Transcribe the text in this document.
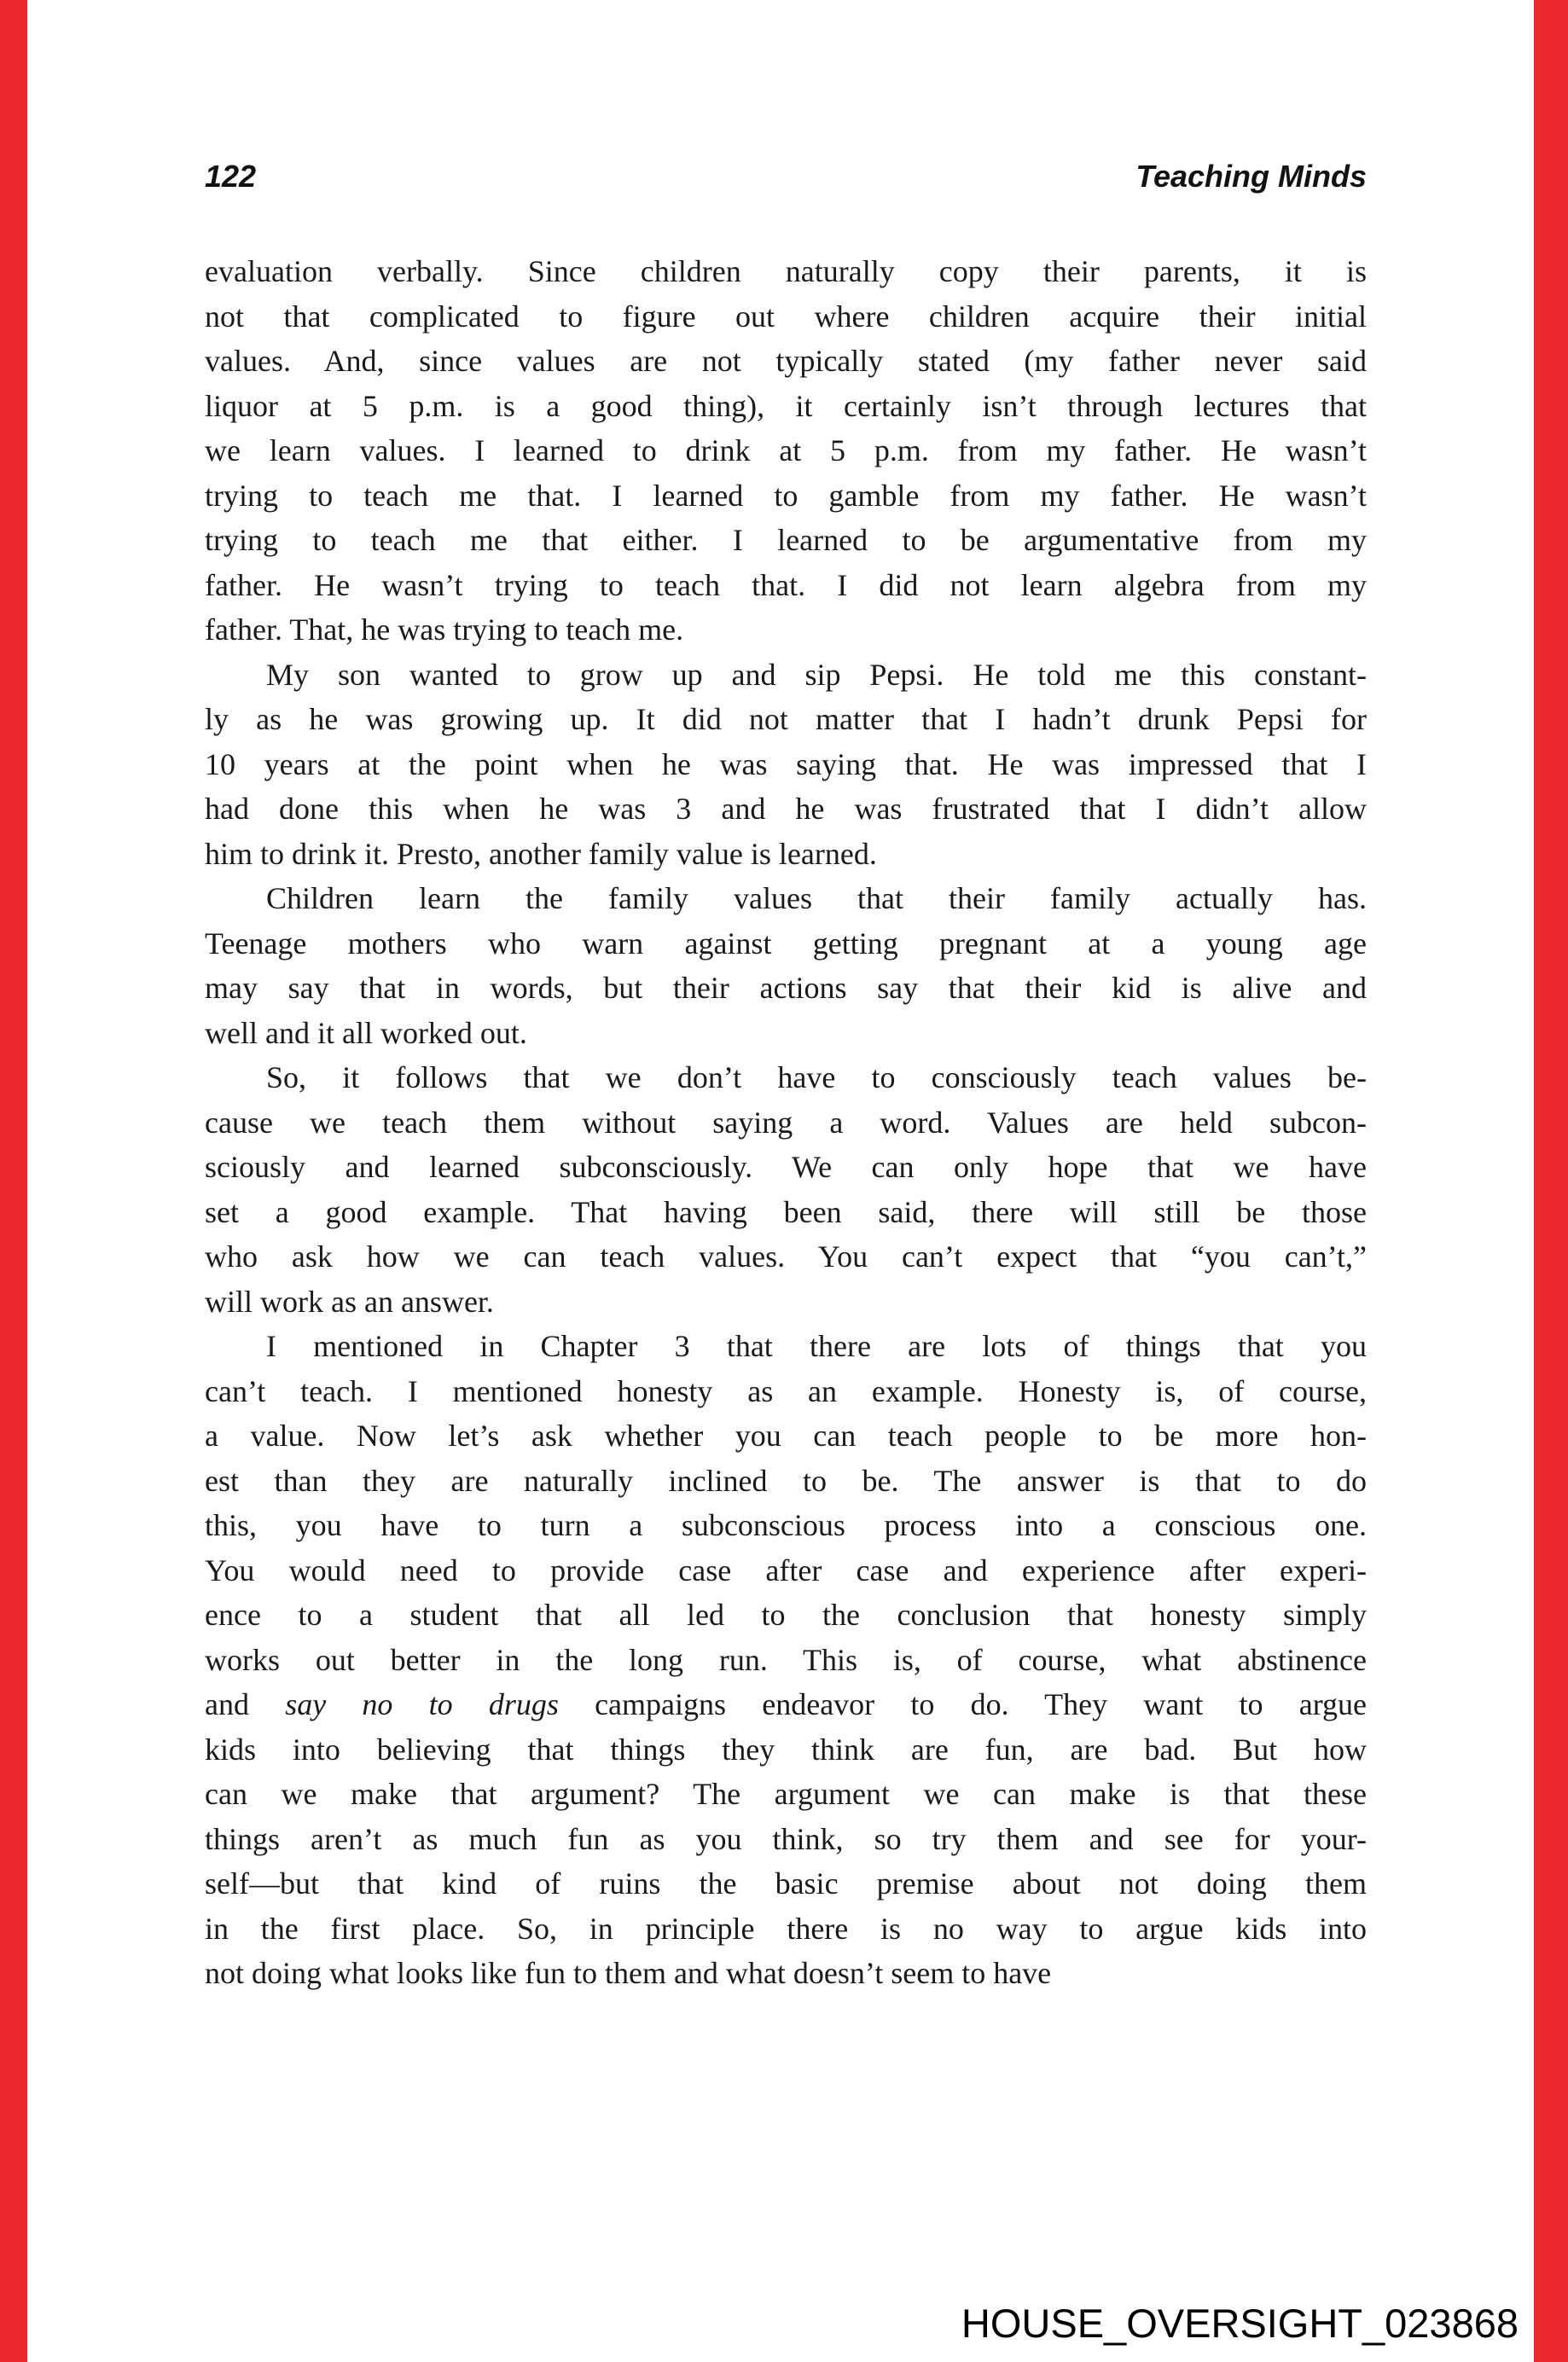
122	Teaching Minds
evaluation verbally. Since children naturally copy their parents, it is
not that complicated to figure out where children acquire their initial
values. And, since values are not typically stated (my father never said
liquor at 5 p.m. is a good thing), it certainly isn’t through lectures that
we learn values. I learned to drink at 5 p.m. from my father. He wasn’t
trying to teach me that. I learned to gamble from my father. He wasn’t
trying to teach me that either. I learned to be argumentative from my
father. He wasn’t trying to teach that. I did not learn algebra from my
father. That, he was trying to teach me.
My son wanted to grow up and sip Pepsi. He told me this constant-
ly as he was growing up. It did not matter that I hadn’t drunk Pepsi for
10 years at the point when he was saying that. He was impressed that I
had done this when he was 3 and he was frustrated that I didn’t allow
him to drink it. Presto, another family value is learned.
Children learn the family values that their family actually has.
Teenage mothers who warn against getting pregnant at a young age
may say that in words, but their actions say that their kid is alive and
well and it all worked out.
So, it follows that we don’t have to consciously teach values be-
cause we teach them without saying a word. Values are held subcon-
sciously and learned subconsciously. We can only hope that we have
set a good example. That having been said, there will still be those
who ask how we can teach values. You can’t expect that “you can’t,”
will work as an answer.
I mentioned in Chapter 3 that there are lots of things that you
can’t teach. I mentioned honesty as an example. Honesty is, of course,
a value. Now let’s ask whether you can teach people to be more hon-
est than they are naturally inclined to be. The answer is that to do
this, you have to turn a subconscious process into a conscious one.
You would need to provide case after case and experience after experi-
ence to a student that all led to the conclusion that honesty simply
works out better in the long run. This is, of course, what abstinence
and say no to drugs campaigns endeavor to do. They want to argue
kids into believing that things they think are fun, are bad. But how
can we make that argument? The argument we can make is that these
things aren’t as much fun as you think, so try them and see for your-
self—but that kind of ruins the basic premise about not doing them
in the first place. So, in principle there is no way to argue kids into
not doing what looks like fun to them and what doesn’t seem to have
HOUSE_OVERSIGHT_023868
